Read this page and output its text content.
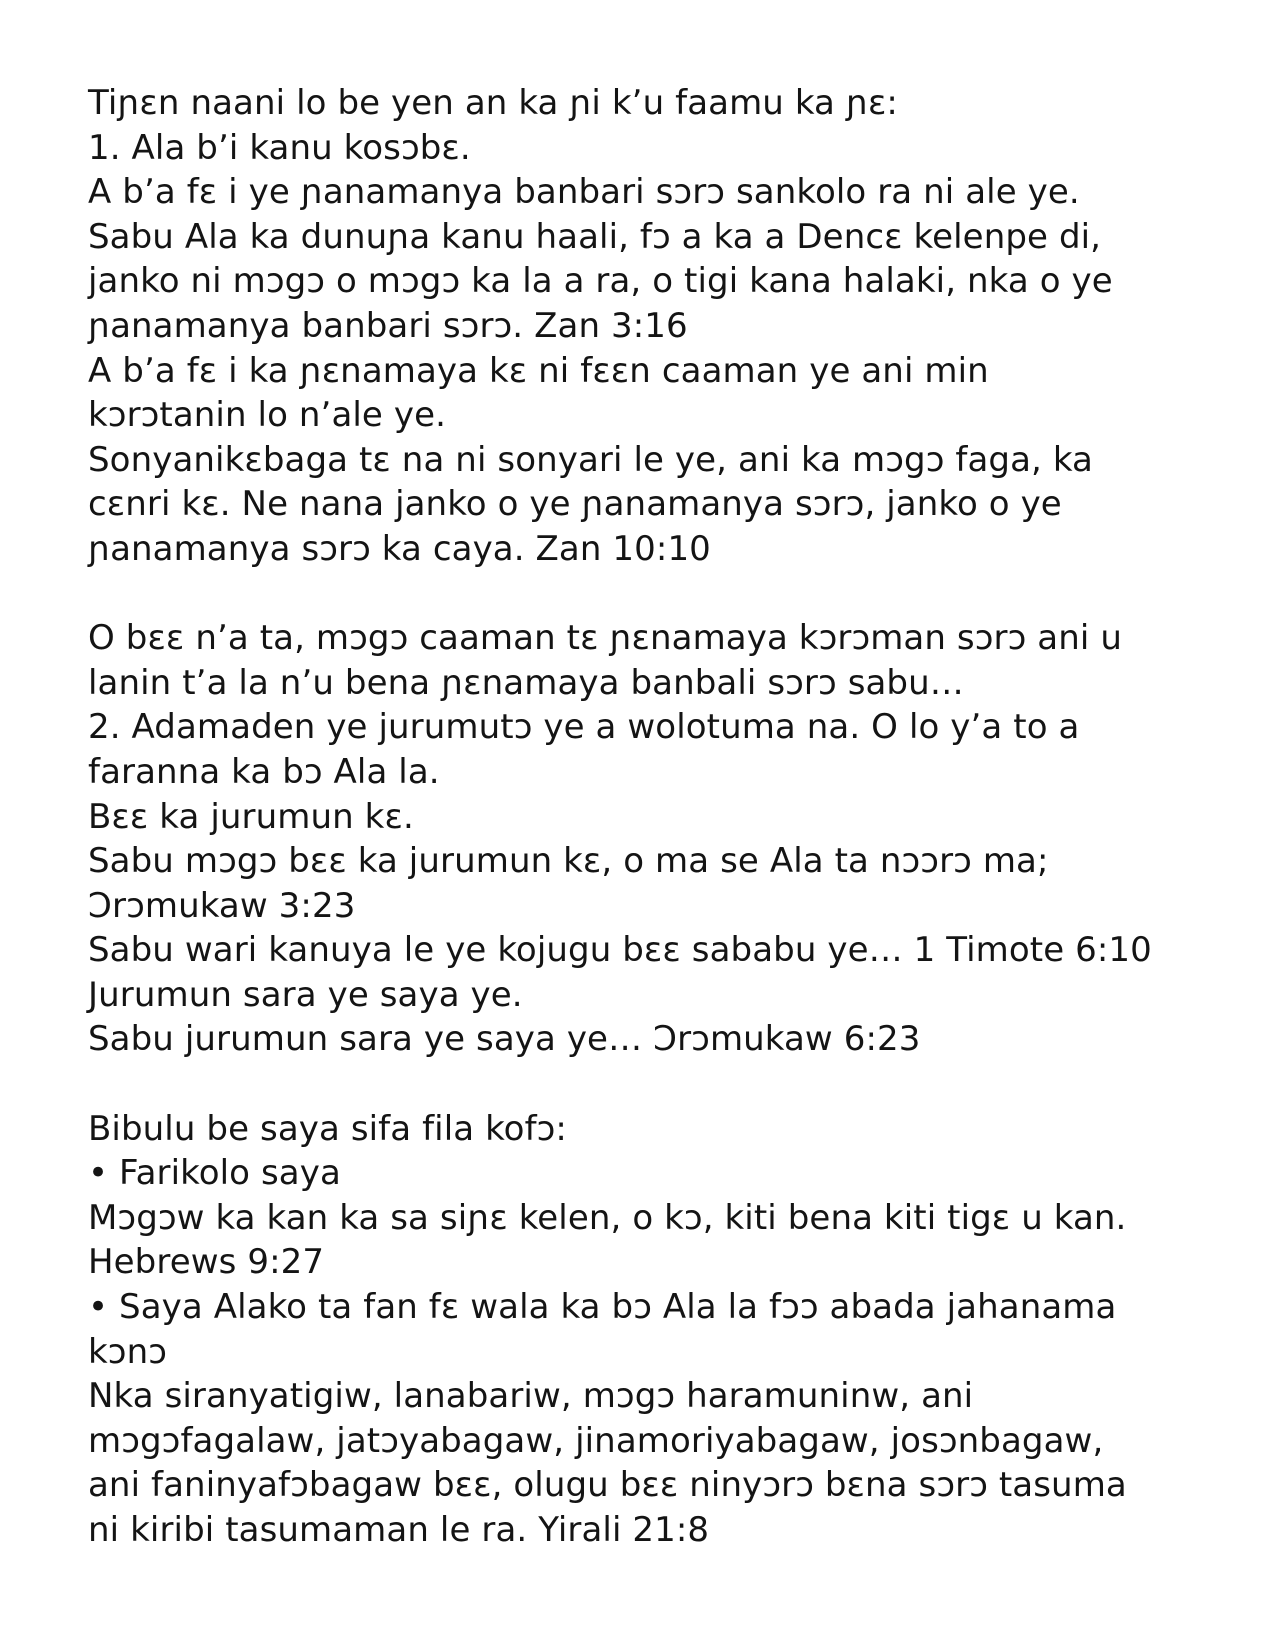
Tiɲɛn naani lo be yen an ka ɲi k’u faamu ka ɲɛ:
1. Ala b’i kanu kosɔbɛ.
A b’a fɛ i ye ɲanamanya banbari sɔrɔ sankolo ra ni ale ye.
Sabu Ala ka dunuɲa kanu haali, fɔ a ka a Dencɛ kelenpe di,
janko ni mɔgɔ o mɔgɔ ka la a ra, o tigi kana halaki, nka o ye
ɲanamanya banbari sɔrɔ. Zan 3:16
A b’a fɛ i ka ɲɛnamaya kɛ ni fɛɛn caaman ye ani min
kɔrɔtanin lo n’ale ye.
Sonyanikɛbaga tɛ na ni sonyari le ye, ani ka mɔgɔ faga, ka
cɛnri kɛ. Ne nana janko o ye ɲanamanya sɔrɔ, janko o ye
ɲanamanya sɔrɔ ka caya. Zan 10:10
O bɛɛ n’a ta, mɔgɔ caaman tɛ ɲɛnamaya kɔrɔman sɔrɔ ani u
lanin t’a la n’u bena ɲɛnamaya banbali sɔrɔ sabu…
2. Adamaden ye jurumutɔ ye a wolotuma na. O lo y’a to a
faranna ka bɔ Ala la.
Bɛɛ ka jurumun kɛ.
Sabu mɔgɔ bɛɛ ka jurumun kɛ, o ma se Ala ta nɔɔrɔ ma;
Ɔrɔmukaw 3:23
Sabu wari kanuya le ye kojugu bɛɛ sababu ye… 1 Timote 6:10
Jurumun sara ye saya ye.
Sabu jurumun sara ye saya ye… Ɔrɔmukaw 6:23
Bibulu be saya sifa fila kofɔ:
• Farikolo saya
Mɔgɔw ka kan ka sa siɲɛ kelen, o kɔ, kiti bena kiti tigɛ u kan.
Hebrews 9:27
• Saya Alako ta fan fɛ wala ka bɔ Ala la fɔɔ abada jahanama
kɔnɔ
Nka siranyatigiw, lanabariw, mɔgɔ haramuninw, ani
mɔgɔfagalaw, jatɔyabagaw, jinamoriyabagaw, josɔnbagaw,
ani faninyafɔbagaw bɛɛ, olugu bɛɛ ninyɔrɔ bɛna sɔrɔ tasuma
ni kiribi tasumaman le ra. Yirali 21:8
